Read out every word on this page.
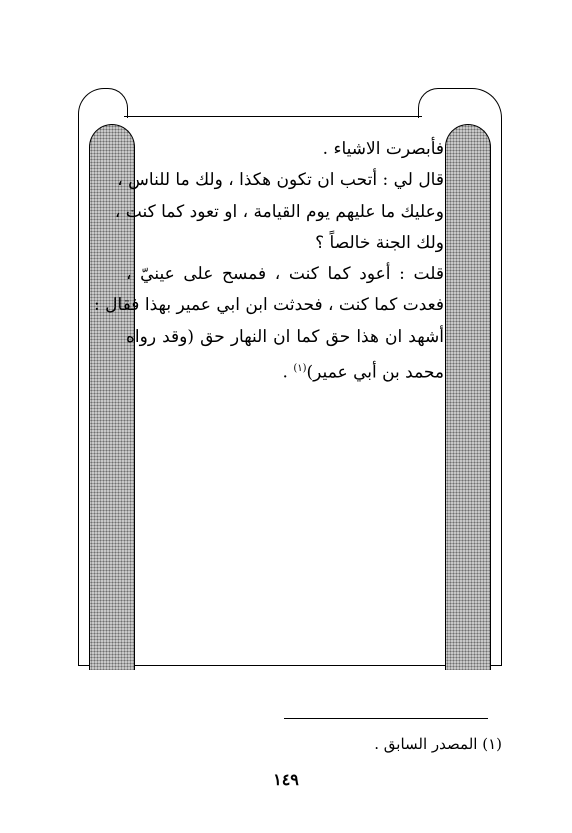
فأبصرت الاشياء .
قال لي : أتحب ان تكون هكذا ، ولك ما للناس ،
وعليك ما عليهم يوم القيامة ، او تعود كما كنت ،
ولك الجنة خالصاً ؟
قلت : أعود كما كنت ، فمسح على عينيّ ،
فعدت كما كنت ، فحدثت ابن ابي عمير بهذا فقال :
أشهد ان هذا حق كما ان النهار حق (وقد رواه
محمد بن أبي عمير)$^{(١)}$ .
(١) المصدر السابق .
١٤٩
